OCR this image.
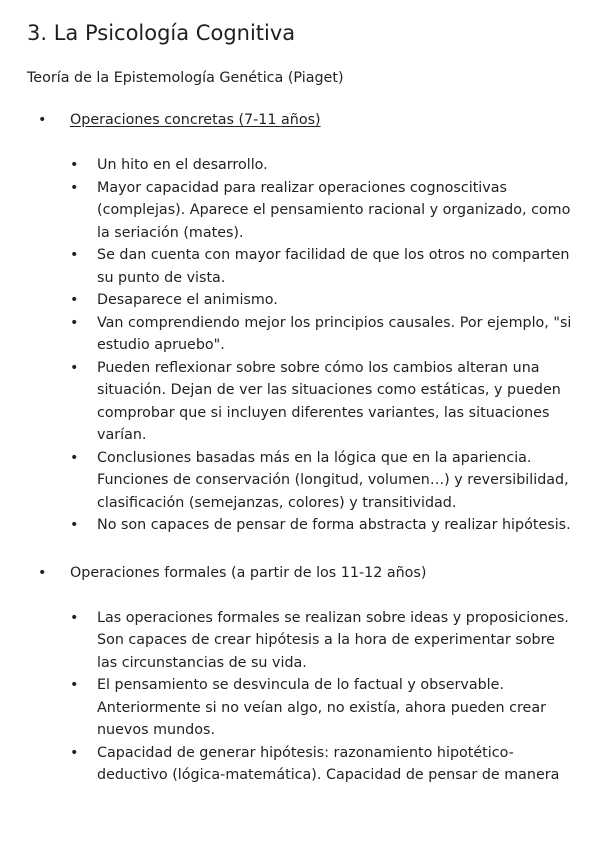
3. La Psicología Cognitiva
Teoría de la Epistemología Genética (Piaget)
• Operaciones concretas (7-11 años)
• Un hito en el desarrollo.
• Mayor capacidad para realizar operaciones cognoscitivas (complejas). Aparece el pensamiento racional y organizado, como la seriación (mates).
• Se dan cuenta con mayor facilidad de que los otros no comparten su punto de vista.
• Desaparece el animismo.
• Van comprendiendo mejor los principios causales. Por ejemplo, "si estudio apruebo".
• Pueden reflexionar sobre sobre cómo los cambios alteran una situación. Dejan de ver las situaciones como estáticas, y pueden comprobar que si incluyen diferentes variantes, las situaciones varían.
• Conclusiones basadas más en la lógica que en la apariencia. Funciones de conservación (longitud, volumen…) y reversibilidad, clasificación (semejanzas, colores) y transitividad.
• No son capaces de pensar de forma abstracta y realizar hipótesis.
• Operaciones formales (a partir de los 11-12 años)
• Las operaciones formales se realizan sobre ideas y proposiciones. Son capaces de crear hipótesis a la hora de experimentar sobre las circunstancias de su vida.
• El pensamiento se desvincula de lo factual y observable. Anteriormente si no veían algo, no existía, ahora pueden crear nuevos mundos.
• Capacidad de generar hipótesis: razonamiento hipotético-deductivo (lógica-matemática). Capacidad de pensar de manera
